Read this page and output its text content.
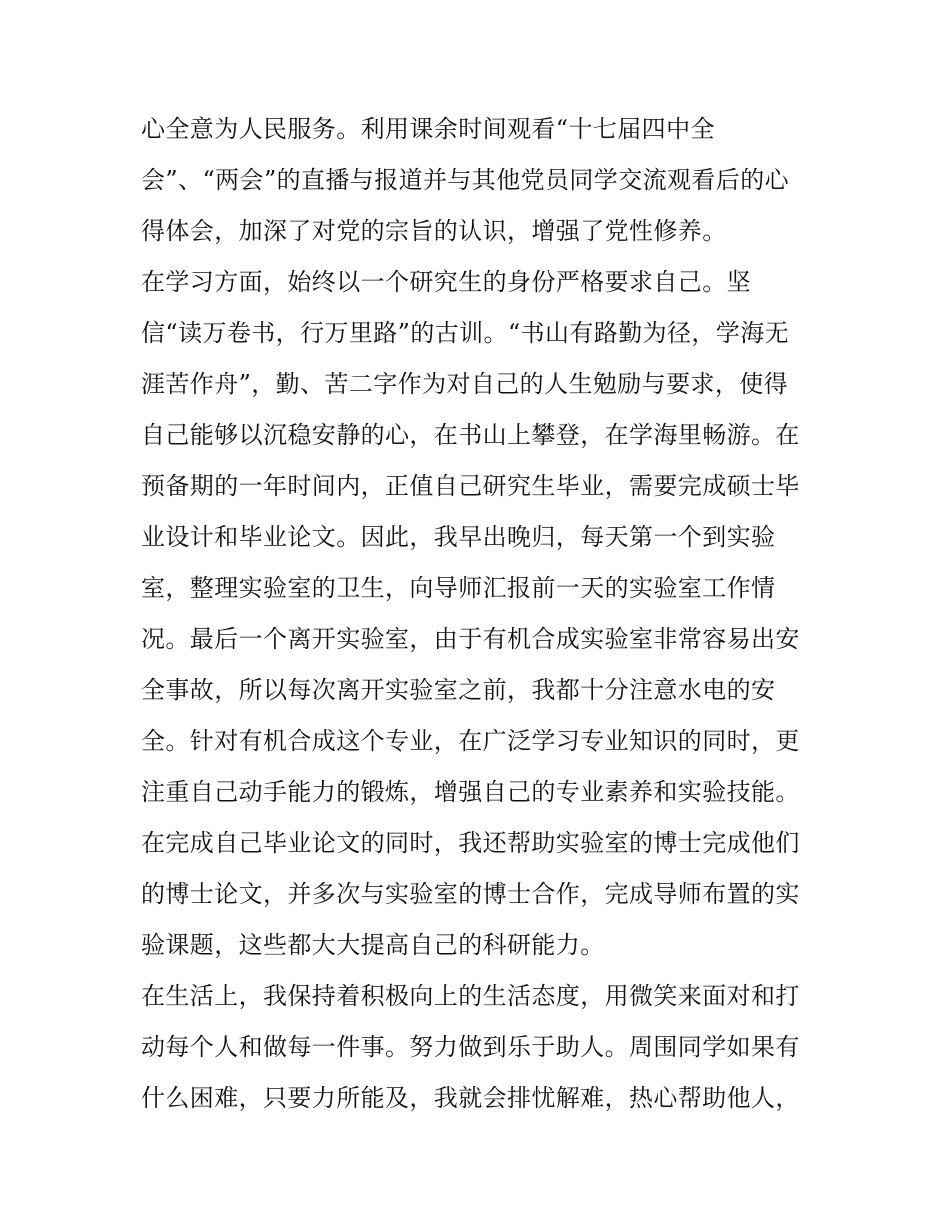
心全意为人民服务。利用课余时间观看“十七届四中全
会”、“两会”的直播与报道并与其他党员同学交流观看后的心
得体会，加深了对党的宗旨的认识，增强了党性修养。
在学习方面，始终以一个研究生的身份严格要求自己。坚
信“读万卷书，行万里路”的古训。“书山有路勤为径，学海无
涯苦作舟”，勤、苦二字作为对自己的人生勉励与要求，使得
自己能够以沉稳安静的心，在书山上攀登，在学海里畅游。在
预备期的一年时间内，正值自己研究生毕业，需要完成硕士毕
业设计和毕业论文。因此，我早出晚归，每天第一个到实验
室，整理实验室的卫生，向导师汇报前一天的实验室工作情
况。最后一个离开实验室，由于有机合成实验室非常容易出安
全事故，所以每次离开实验室之前，我都十分注意水电的安
全。针对有机合成这个专业，在广泛学习专业知识的同时，更
注重自己动手能力的锻炼，增强自己的专业素养和实验技能。
在完成自己毕业论文的同时，我还帮助实验室的博士完成他们
的博士论文，并多次与实验室的博士合作，完成导师布置的实
验课题，这些都大大提高自己的科研能力。
在生活上，我保持着积极向上的生活态度，用微笑来面对和打
动每个人和做每一件事。努力做到乐于助人。周围同学如果有
什么困难，只要力所能及，我就会排忧解难，热心帮助他人，
